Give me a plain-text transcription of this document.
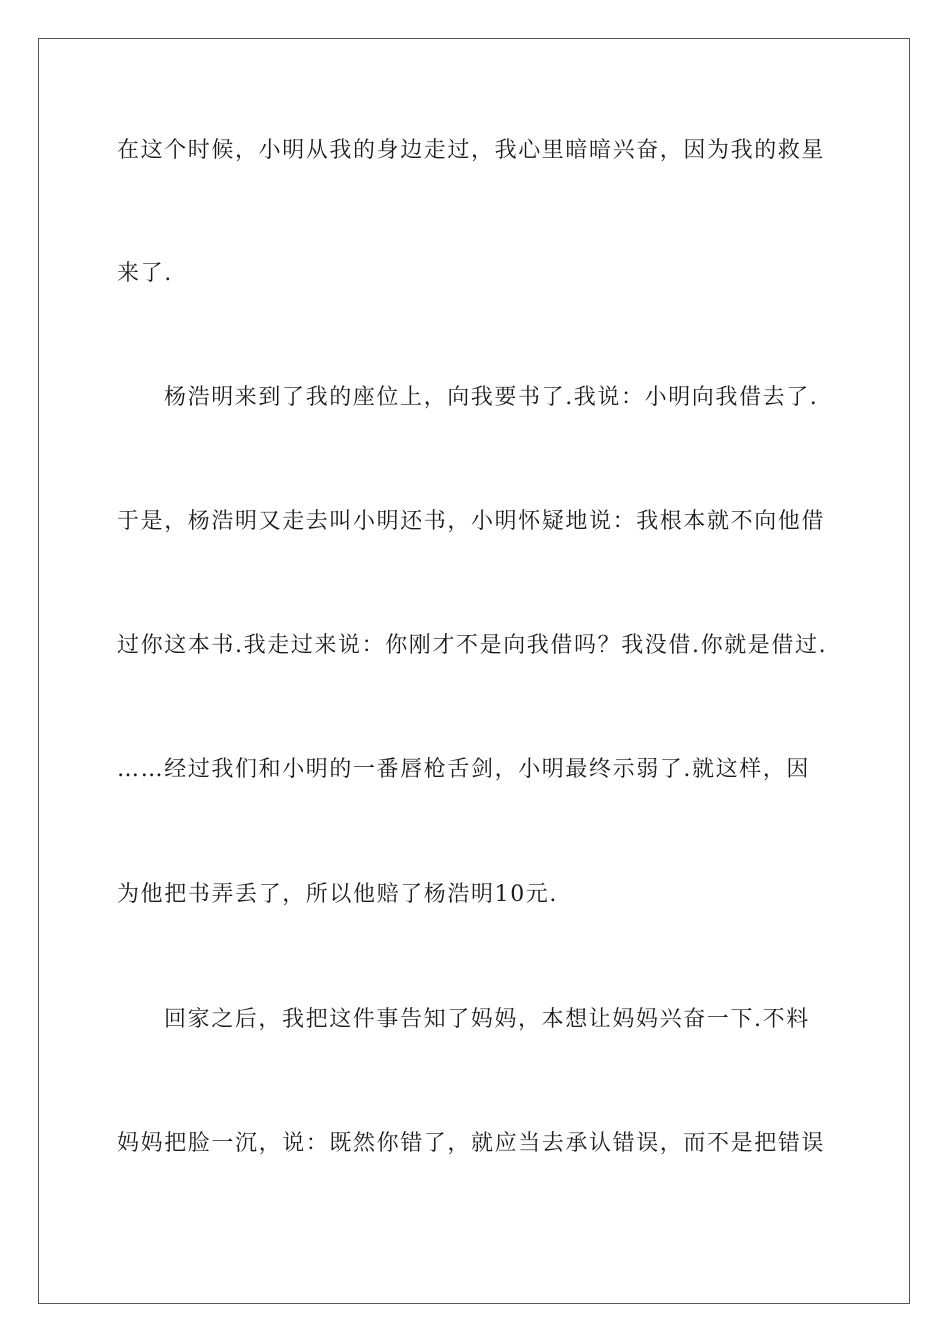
在这个时候，小明从我的身边走过，我心里暗暗兴奋，因为我的救星
来了.
杨浩明来到了我的座位上，向我要书了.我说：小明向我借去了.
于是，杨浩明又走去叫小明还书，小明怀疑地说：我根本就不向他借
过你这本书.我走过来说：你刚才不是向我借吗？我没借.你就是借过.
……经过我们和小明的一番唇枪舌剑，小明最终示弱了.就这样，因
为他把书弄丢了，所以他赔了杨浩明10元.
回家之后，我把这件事告知了妈妈，本想让妈妈兴奋一下.不料
妈妈把脸一沉，说：既然你错了，就应当去承认错误，而不是把错误
